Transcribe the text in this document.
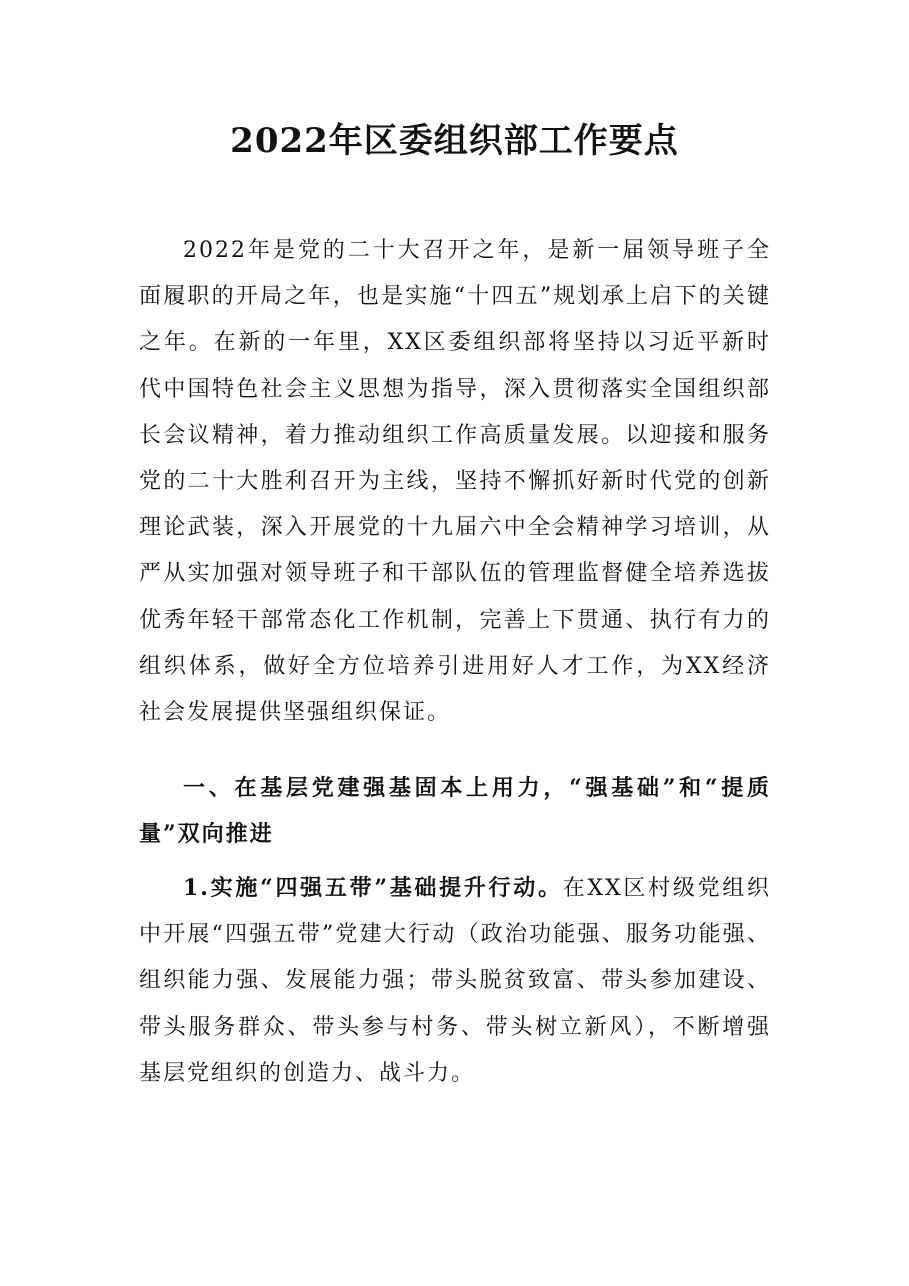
2022年区委组织部工作要点

2022年是党的二十大召开之年，是新一届领导班子全面履职的开局之年，也是实施“十四五”规划承上启下的关键之年。在新的一年里，XX区委组织部将坚持以习近平新时代中国特色社会主义思想为指导，深入贯彻落实全国组织部长会议精神，着力推动组织工作高质量发展。以迎接和服务党的二十大胜利召开为主线，坚持不懈抓好新时代党的创新理论武装，深入开展党的十九届六中全会精神学习培训，从严从实加强对领导班子和干部队伍的管理监督健全培养选拔优秀年轻干部常态化工作机制，完善上下贯通、执行有力的组织体系，做好全方位培养引进用好人才工作，为XX经济社会发展提供坚强组织保证。

一、在基层党建强基固本上用力，“强基础”和“提质量”双向推进

1.实施“四强五带”基础提升行动。在XX区村级党组织中开展“四强五带”党建大行动（政治功能强、服务功能强、组织能力强、发展能力强；带头脱贫致富、带头参加建设、带头服务群众、带头参与村务、带头树立新风），不断增强基层党组织的创造力、战斗力。
